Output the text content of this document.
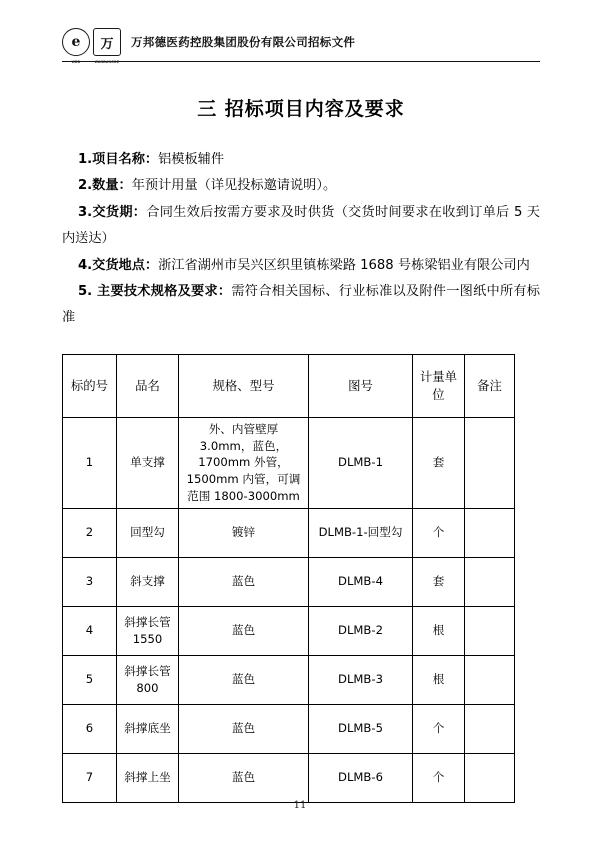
e
WBD
万
WANBANGDE
万邦德医药控股集团股份有限公司招标文件
三 招标项目内容及要求

1.项目名称：铝模板辅件

2.数量：年预计用量（详见投标邀请说明）。

3.交货期：合同生效后按需方要求及时供货（交货时间要求在收到订单后 5 天内送达）

4.交货地点：浙江省湖州市吴兴区织里镇栋梁路 1688 号栋梁铝业有限公司内

5. 主要技术规格及要求：需符合相关国标、行业标准以及附件一图纸中所有标准

标的号	品名	规格、型号	图号	计量单位	备注
1	单支撑	外、内管壁厚 3.0mm，蓝色，1700mm 外管，1500mm 内管，可调范围 1800-3000mm	DLMB-1	套	
2	回型勾	镀锌	DLMB-1-回型勾	个	
3	斜支撑	蓝色	DLMB-4	套	
4	斜撑长管 1550	蓝色	DLMB-2	根	
5	斜撑长管 800	蓝色	DLMB-3	根	
6	斜撑底坐	蓝色	DLMB-5	个	
7	斜撑上坐	蓝色	DLMB-6	个	
11
